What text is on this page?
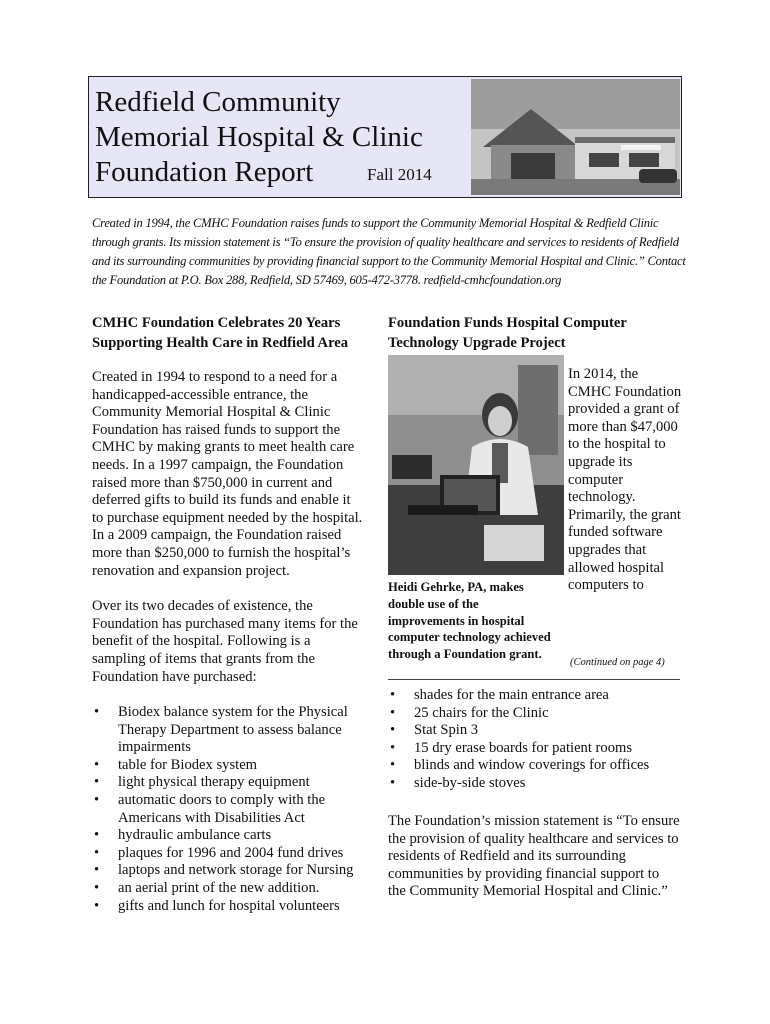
Redfield Community
Memorial Hospital & Clinic
Foundation Report	Fall 2014
Created in 1994, the CMHC Foundation raises funds to support the Community Memorial Hospital & Redfield Clinic through grants. Its mission statement is “To ensure the provision of quality healthcare and services to residents of Redfield and its surrounding communities by providing financial support to the Community Memorial Hospital and Clinic.” Contact the Foundation at P.O. Box 288, Redfield, SD 57469, 605-472-3778. redfield-cmhcfoundation.org
CMHC Foundation Celebrates 20 Years
Supporting Health Care in Redfield Area

Created in 1994 to respond to a need for a handicapped-accessible entrance, the Community Memorial Hospital & Clinic Foundation has raised funds to support the CMHC by making grants to meet health care needs. In a 1997 campaign, the Foundation raised more than $750,000 in current and deferred gifts to build its funds and enable it to purchase equipment needed by the hospital. In a 2009 campaign, the Foundation raised more than $250,000 to furnish the hospital’s renovation and expansion project.

Over its two decades of existence, the Foundation has purchased many items for the benefit of the hospital. Following is a sampling of items that grants from the Foundation have purchased:

• Biodex balance system for the Physical Therapy Department to assess balance impairments
• table for Biodex system
• light physical therapy equipment
• automatic doors to comply with the Americans with Disabilities Act
• hydraulic ambulance carts
• plaques for 1996 and 2004 fund drives
• laptops and network storage for Nursing
• an aerial print of the new addition.
• gifts and lunch for hospital volunteers
Foundation Funds Hospital Computer
Technology Upgrade Project
Heidi Gehrke, PA, makes double use of the improvements in hospital computer technology achieved through a Foundation grant.
In 2014, the CMHC Foundation provided a grant of more than $47,000 to the hospital to upgrade its computer technology. Primarily, the grant funded software upgrades that allowed hospital computers to
(Continued on page 4)
• shades for the main entrance area
• 25 chairs for the Clinic
• Stat Spin 3
• 15 dry erase boards for patient rooms
• blinds and window coverings for offices
• side-by-side stoves

The Foundation’s mission statement is “To ensure the provision of quality healthcare and services to residents of Redfield and its surrounding communities by providing financial support to the Community Memorial Hospital and Clinic.”
